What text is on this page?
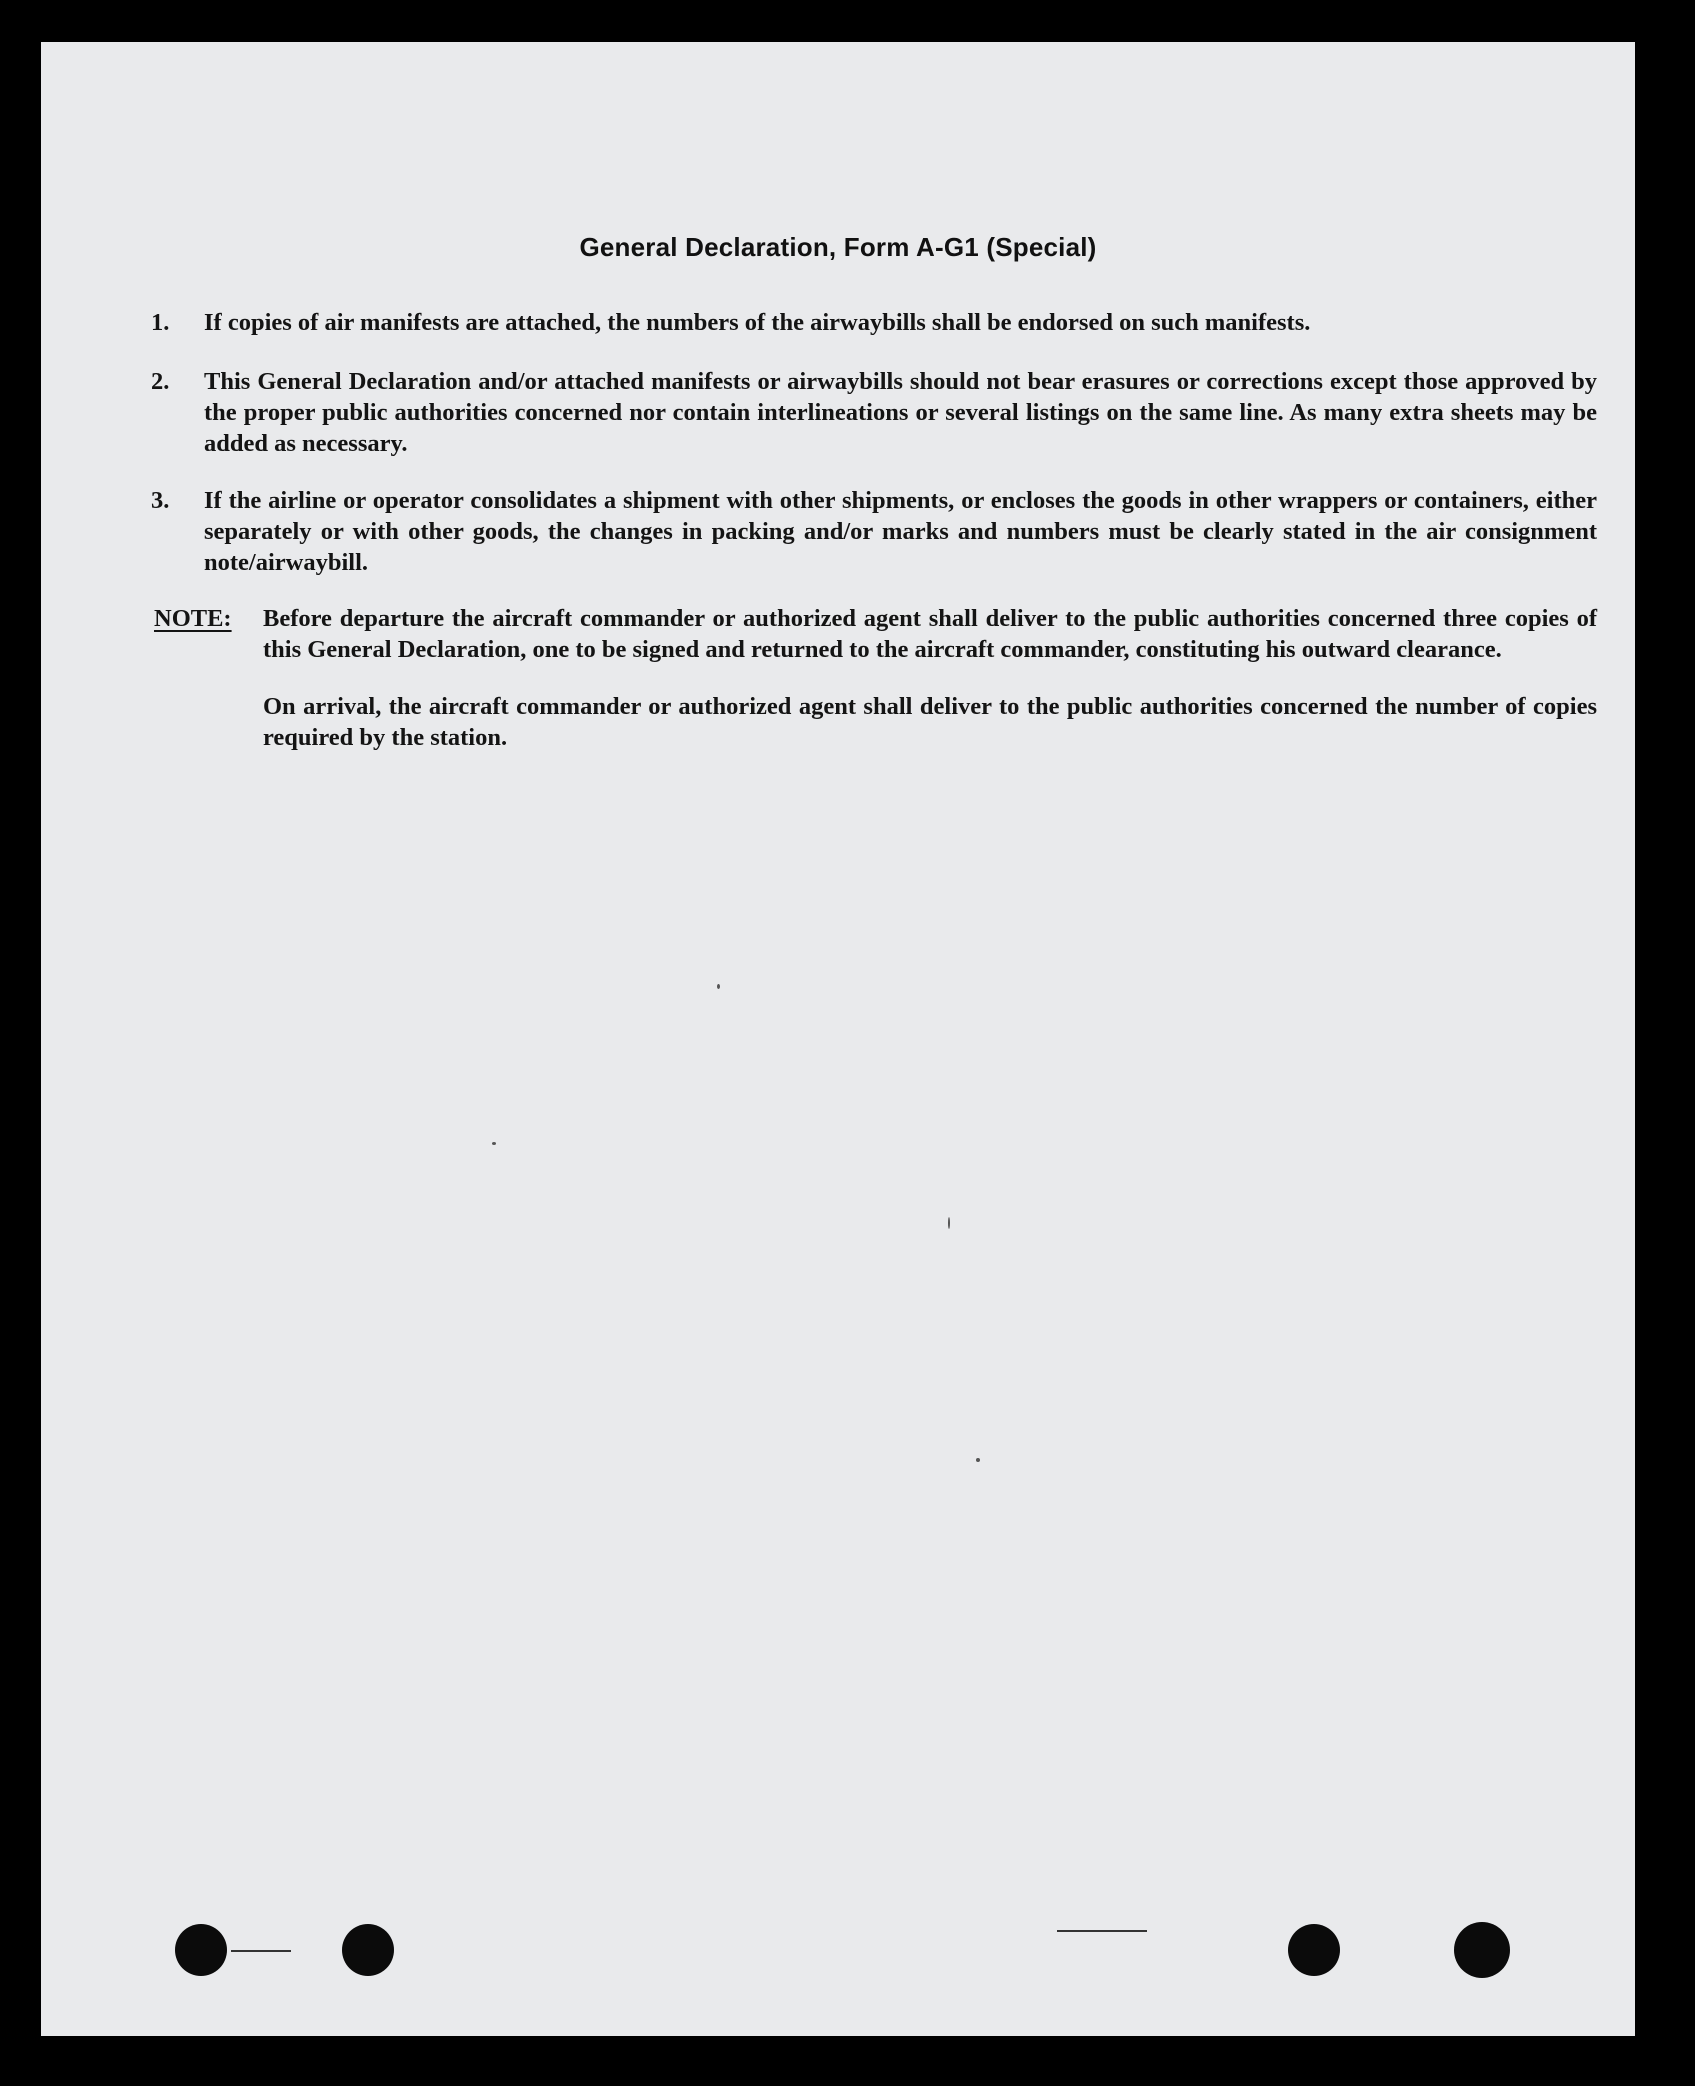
General Declaration, Form A-G1 (Special)
1. If copies of air manifests are attached, the numbers of the airwaybills shall be endorsed on such manifests.
2. This General Declaration and/or attached manifests or airwaybills should not bear erasures or corrections except those approved by the proper public authorities concerned nor contain interlineations or several listings on the same line. As many extra sheets may be added as necessary.
3. If the airline or operator consolidates a shipment with other shipments, or encloses the goods in other wrappers or containers, either separately or with other goods, the changes in packing and/or marks and numbers must be clearly stated in the air consignment note/airwaybill.
NOTE: Before departure the aircraft commander or authorized agent shall deliver to the public authorities concerned three copies of this General Declaration, one to be signed and returned to the aircraft commander, constituting his outward clearance.
On arrival, the aircraft commander or authorized agent shall deliver to the public authorities concerned the number of copies required by the station.
